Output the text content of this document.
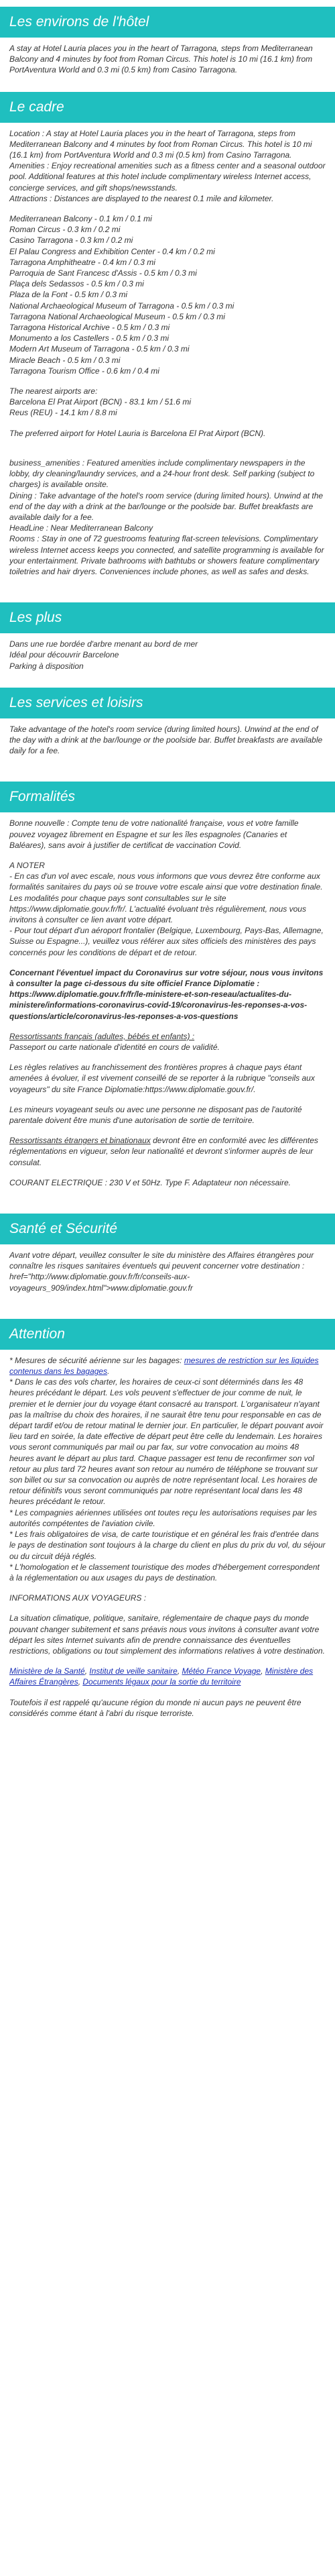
Les environs de l'hôtel

A stay at Hotel Lauria places you in the heart of Tarragona, steps from Mediterranean Balcony and 4 minutes by foot from Roman Circus. This hotel is 10 mi (16.1 km) from PortAventura World and 0.3 mi (0.5 km) from Casino Tarragona.

Le cadre

Location : A stay at Hotel Lauria places you in the heart of Tarragona, steps from Mediterranean Balcony and 4 minutes by foot from Roman Circus. This hotel is 10 mi (16.1 km) from PortAventura World and 0.3 mi (0.5 km) from Casino Tarragona.

Amenities : Enjoy recreational amenities such as a fitness center and a seasonal outdoor pool. Additional features at this hotel include complimentary wireless Internet access, concierge services, and gift shops/newsstands.

Attractions : Distances are displayed to the nearest 0.1 mile and kilometer.

Mediterranean Balcony - 0.1 km / 0.1 mi
Roman Circus - 0.3 km / 0.2 mi
Casino Tarragona - 0.3 km / 0.2 mi
El Palau Congress and Exhibition Center - 0.4 km / 0.2 mi
Tarragona Amphitheatre - 0.4 km / 0.3 mi
Parroquia de Sant Francesc d'Assis - 0.5 km / 0.3 mi
Plaça dels Sedassos - 0.5 km / 0.3 mi
Plaza de la Font - 0.5 km / 0.3 mi
National Archaeological Museum of Tarragona - 0.5 km / 0.3 mi
Tarragona National Archaeological Museum - 0.5 km / 0.3 mi
Tarragona Historical Archive - 0.5 km / 0.3 mi
Monumento a los Castellers - 0.5 km / 0.3 mi
Modern Art Museum of Tarragona - 0.5 km / 0.3 mi
Miracle Beach - 0.5 km / 0.3 mi
Tarragona Tourism Office - 0.6 km / 0.4 mi
The nearest airports are:
Barcelona El Prat Airport (BCN) - 83.1 km / 51.6 mi
Reus (REU) - 14.1 km / 8.8 mi

The preferred airport for Hotel Lauria is Barcelona El Prat Airport (BCN).

business_amenities : Featured amenities include complimentary newspapers in the lobby, dry cleaning/laundry services, and a 24-hour front desk. Self parking (subject to charges) is available onsite.

Dining : Take advantage of the hotel's room service (during limited hours). Unwind at the end of the day with a drink at the bar/lounge or the poolside bar. Buffet breakfasts are available daily for a fee.

HeadLine : Near Mediterranean Balcony

Rooms : Stay in one of 72 guestrooms featuring flat-screen televisions. Complimentary wireless Internet access keeps you connected, and satellite programming is available for your entertainment. Private bathrooms with bathtubs or showers feature complimentary toiletries and hair dryers. Conveniences include phones, as well as safes and desks.

Les plus
Dans une rue bordée d'arbre menant au bord de mer
Idéal pour découvrir Barcelone
Parking à disposition
Les services et loisirs

Take advantage of the hotel's room service (during limited hours). Unwind at the end of the day with a drink at the bar/lounge or the poolside bar. Buffet breakfasts are available daily for a fee.

Formalités

Bonne nouvelle : Compte tenu de votre nationalité française, vous et votre famille pouvez voyagez librement en Espagne et sur les îles espagnoles (Canaries et Baléares), sans avoir à justifier de certificat de vaccination Covid.

A NOTER
- En cas d'un vol avec escale, nous vous informons que vous devrez être conforme aux formalités sanitaires du pays où se trouve votre escale ainsi que votre destination finale.
Les modalités pour chaque pays sont consultables sur le site https://www.diplomatie.gouv.fr/fr/. L'actualité évoluant très régulièrement, nous vous invitons à consulter ce lien avant votre départ.

- Pour tout départ d'un aéroport frontalier (Belgique, Luxembourg, Pays-Bas, Allemagne, Suisse ou Espagne...), veuillez vous référer aux sites officiels des ministères des pays concernés pour les conditions de départ et de retour.

Concernant l'éventuel impact du Coronavirus sur votre séjour, nous vous invitons à consulter la page ci-dessous du site officiel France Diplomatie : https://www.diplomatie.gouv.fr/fr/le-ministere-et-son-reseau/actualites-du-ministere/informations-coronavirus-covid-19/coronavirus-les-reponses-a-vos-questions/article/coronavirus-les-reponses-a-vos-questions

Ressortissants français (adultes, bébés et enfants) :

Passeport ou carte nationale d'identité en cours de validité.

Les règles relatives au franchissement des frontières propres à chaque pays étant amenées à évoluer, il est vivement conseillé de se reporter à la rubrique "conseils aux voyageurs" du site France Diplomatie:https://www.diplomatie.gouv.fr/.

Les mineurs voyageant seuls ou avec une personne ne disposant pas de l'autorité parentale doivent être munis d'une autorisation de sortie de territoire.

Ressortissants étrangers et binationaux devront être en conformité avec les différentes réglementations en vigueur, selon leur nationalité et devront s'informer auprès de leur consulat.

COURANT ELECTRIQUE : 230 V et 50Hz. Type F. Adaptateur non nécessaire.

Santé et Sécurité

Avant votre départ, veuillez consulter le site du ministère des Affaires étrangères pour connaître les risques sanitaires éventuels qui peuvent concerner votre destination : href="http://www.diplomatie.gouv.fr/fr/conseils-aux-voyageurs_909/index.html">www.diplomatie.gouv.fr

Attention
* Mesures de sécurité aérienne sur les bagages: mesures de restriction sur les liquides contenus dans les bagages.
* Dans le cas des vols charter, les horaires de ceux-ci sont déterminés dans les 48 heures précédant le départ. Les vols peuvent s'effectuer de jour comme de nuit, le premier et le dernier jour du voyage étant consacré au transport. L'organisateur n'ayant pas la maîtrise du choix des horaires, il ne saurait être tenu pour responsable en cas de départ tardif et/ou de retour matinal le dernier jour. En particulier, le départ pouvant avoir lieu tard en soirée, la date effective de départ peut être celle du lendemain. Les horaires vous seront communiqués par mail ou par fax, sur votre convocation au moins 48 heures avant le départ au plus tard. Chaque passager est tenu de reconfirmer son vol retour au plus tard 72 heures avant son retour au numéro de téléphone se trouvant sur son billet ou sur sa convocation ou auprès de notre représentant local. Les horaires de retour définitifs vous seront communiqués par notre représentant local dans les 48 heures précédant le retour.
* Les compagnies aériennes utilisées ont toutes reçu les autorisations requises par les autorités compétentes de l'aviation civile.
* Les frais obligatoires de visa, de carte touristique et en général les frais d'entrée dans le pays de destination sont toujours à la charge du client en plus du prix du vol, du séjour ou du circuit déjà réglés.

* L'homologation et le classement touristique des modes d'hébergement correspondent à la réglementation ou aux usages du pays de destination.

INFORMATIONS AUX VOYAGEURS :

La situation climatique, politique, sanitaire, réglementaire de chaque pays du monde pouvant changer subitement et sans préavis nous vous invitons à consulter avant votre départ les sites Internet suivants afin de prendre connaissance des éventuelles restrictions, obligations ou tout simplement des informations relatives à votre destination.

Ministère de la Santé, Institut de veille sanitaire, Météo France Voyage, Ministère des Affaires Étrangères, Documents légaux pour la sortie du territoire

Toutefois il est rappelé qu'aucune région du monde ni aucun pays ne peuvent être considérés comme étant à l'abri du risque terroriste.
